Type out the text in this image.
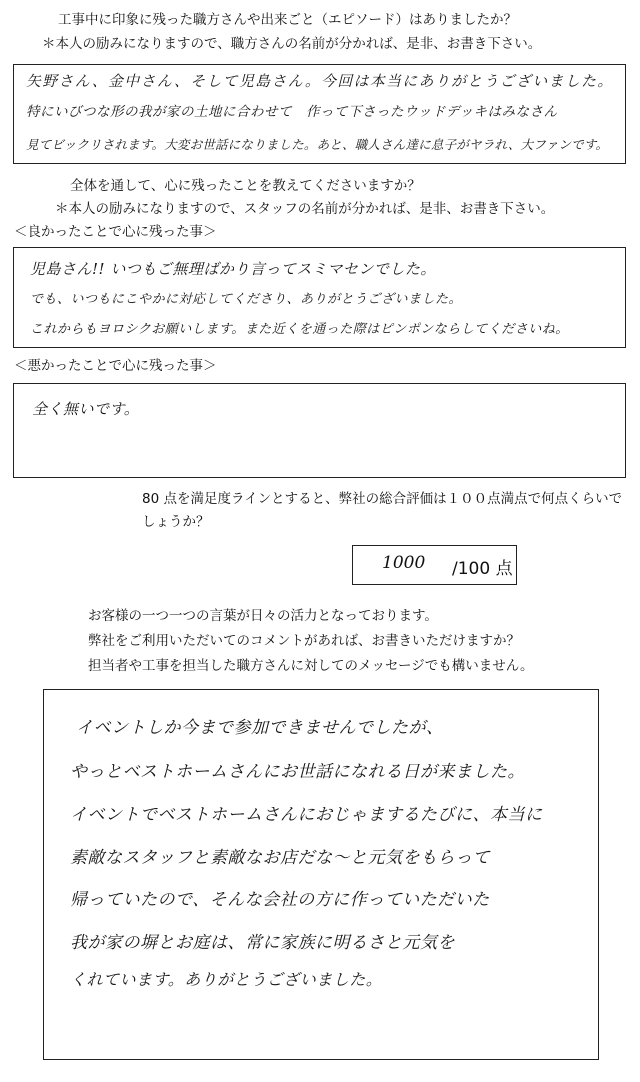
工事中に印象に残った職方さんや出来ごと（エピソード）はありましたか？
＊本人の励みになりますので、職方さんの名前が分かれば、是非、お書き下さい。
矢野さん、金中さん、そして児島さん。今回は本当にありがとうございました。
特にいびつな形の我が家の土地に合わせて　作って下さったウッドデッキはみなさん
見てビックリされます。大変お世話になりました。あと、職人さん達に息子がヤラれ、大ファンです。
全体を通して、心に残ったことを教えてくださいますか？
＊本人の励みになりますので、スタッフの名前が分かれば、是非、お書き下さい。
＜良かったことで心に残った事＞
児島さん!! いつもご無理ばかり言ってスミマセンでした。
でも、いつもにこやかに対応してくださり、ありがとうございました。
これからもヨロシクお願いします。また近くを通った際はピンポンならしてくださいね。
＜悪かったことで心に残った事＞
全く無いです。
80 点を満足度ラインとすると、弊社の総合評価は１００点満点で何点くらいで
しょうか？
1000 /100 点
お客様の一つ一つの言葉が日々の活力となっております。
弊社をご利用いただいてのコメントがあれば、お書きいただけますか？
担当者や工事を担当した職方さんに対してのメッセージでも構いません。
イベントしか今まで参加できませんでしたが、
やっとベストホームさんにお世話になれる日が来ました。
イベントでベストホームさんにおじゃまするたびに、本当に
素敵なスタッフと素敵なお店だな～と元気をもらって
帰っていたので、そんな会社の方に作っていただいた
我が家の塀とお庭は、常に家族に明るさと元気を
くれています。ありがとうございました。
